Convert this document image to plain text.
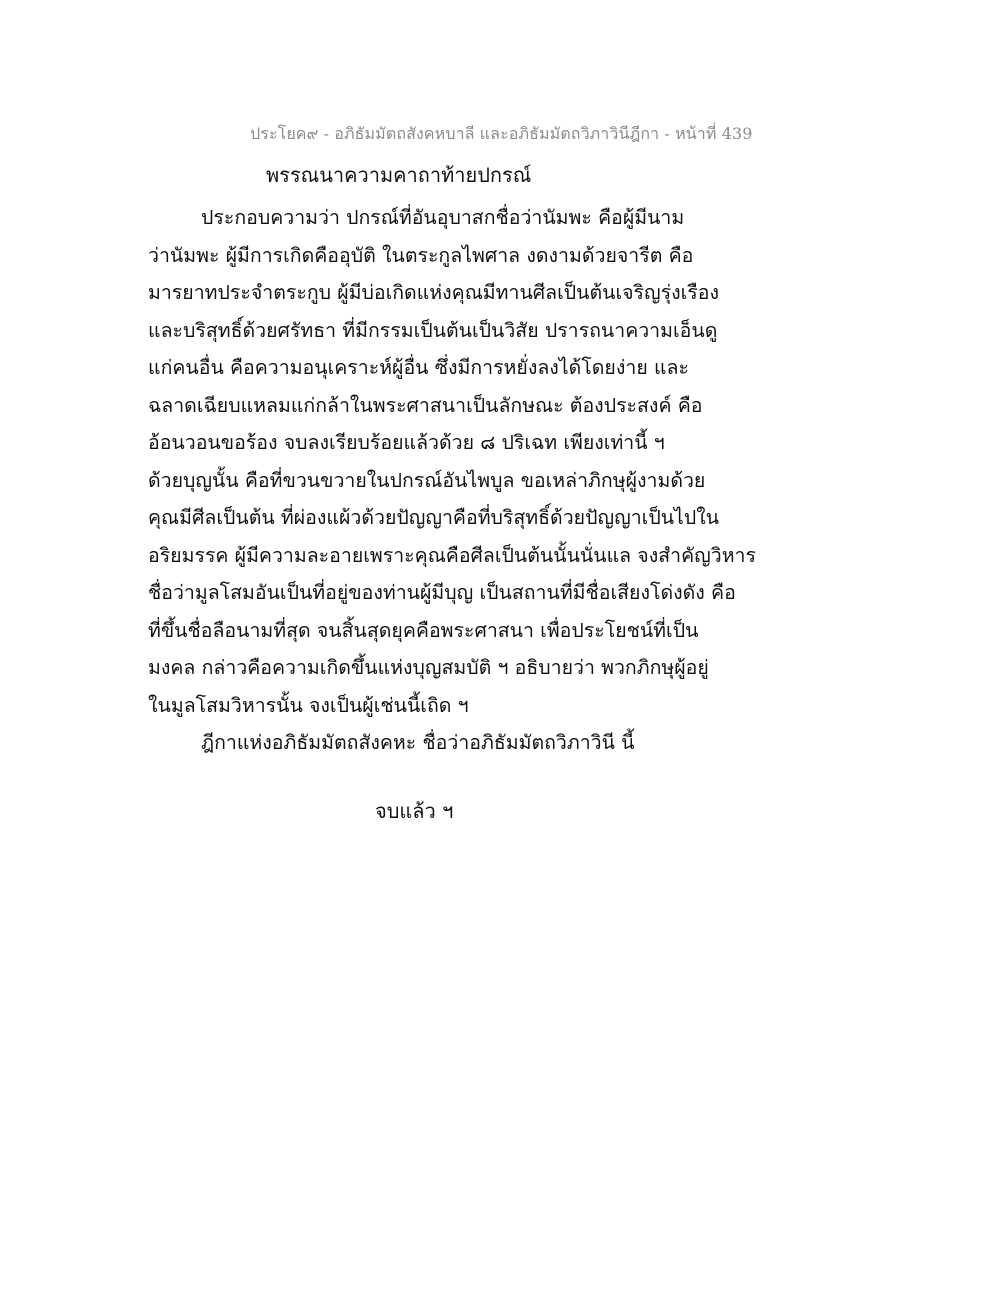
ประโยค๙ - อภิธัมมัตถสังคหบาลี และอภิธัมมัตถวิภาวินีฎีกา - หน้าที่ 439
พรรณนาความคาถาท้ายปกรณ์
ประกอบความว่า ปกรณ์ที่อันอุบาสกชื่อว่านัมพะ คือผู้มีนาม
ว่านัมพะ ผู้มีการเกิดคืออุบัติ ในตระกูลไพศาล งดงามด้วยจารีต คือ
มารยาทประจำตระกูบ ผู้มีบ่อเกิดแห่งคุณมีทานศีลเป็นต้นเจริญรุ่งเรือง
และบริสุทธิ์ด้วยศรัทธา ที่มีกรรมเป็นต้นเป็นวิสัย ปรารถนาความเอ็นดู
แก่คนอื่น คือความอนุเคราะห์ผู้อื่น ซึ่งมีการหยั่งลงได้โดยง่าย และ
ฉลาดเฉียบแหลมแก่กล้าในพระศาสนาเป็นลักษณะ ต้องประสงค์ คือ
อ้อนวอนขอร้อง จบลงเรียบร้อยแล้วด้วย ๘ ปริเฉท เพียงเท่านี้ ฯ
ด้วยบุญนั้น คือที่ขวนขวายในปกรณ์อันไพบูล ขอเหล่าภิกษุผู้งามด้วย
คุณมีศีลเป็นต้น ที่ผ่องแผ้วด้วยปัญญาคือที่บริสุทธิ์ด้วยปัญญาเป็นไปใน
อริยมรรค ผู้มีความละอายเพราะคุณคือศีลเป็นต้นนั้นนั่นแล จงสำคัญวิหาร
ชื่อว่ามูลโสมอันเป็นที่อยู่ของท่านผู้มีบุญ เป็นสถานที่มีชื่อเสียงโด่งดัง คือ
ที่ขึ้นชื่อลือนามที่สุด จนสิ้นสุดยุคคือพระศาสนา เพื่อประโยชน์ที่เป็น
มงคล กล่าวคือความเกิดขึ้นแห่งบุญสมบัติ ฯ อธิบายว่า พวกภิกษุผู้อยู่
ในมูลโสมวิหารนั้น จงเป็นผู้เช่นนี้เถิด ฯ
ฎีกาแห่งอภิธัมมัตถสังคหะ ชื่อว่าอภิธัมมัตถวิภาวินี นี้
จบแล้ว ฯ
